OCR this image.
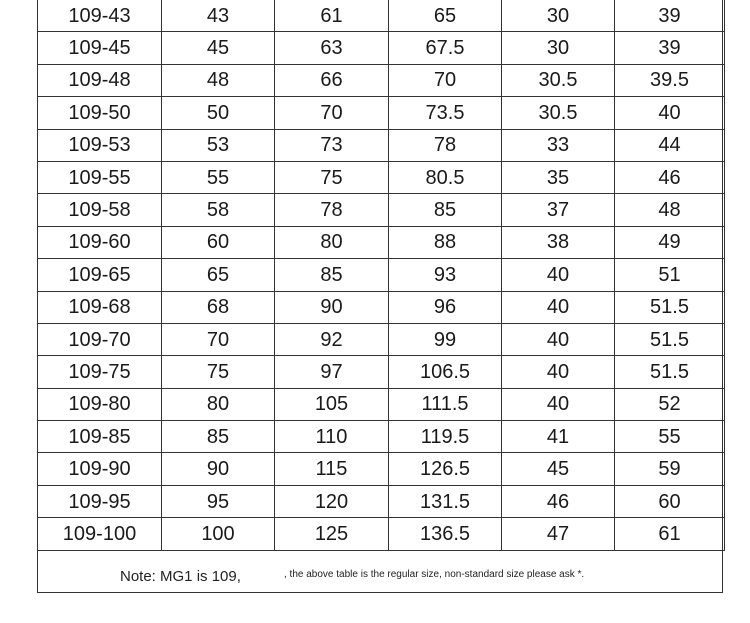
109-43	43	61	65	30	39
109-45	45	63	67.5	30	39
109-48	48	66	70	30.5	39.5
109-50	50	70	73.5	30.5	40
109-53	53	73	78	33	44
109-55	55	75	80.5	35	46
109-58	58	78	85	37	48
109-60	60	80	88	38	49
109-65	65	85	93	40	51
109-68	68	90	96	40	51.5
109-70	70	92	99	40	51.5
109-75	75	97	106.5	40	51.5
109-80	80	105	111.5	40	52
109-85	85	110	119.5	41	55
109-90	90	115	126.5	45	59
109-95	95	120	131.5	46	60
109-100	100	125	136.5	47	61
Note: MG1 is 109,	, the above table is the regular size, non-standard size please ask *.
